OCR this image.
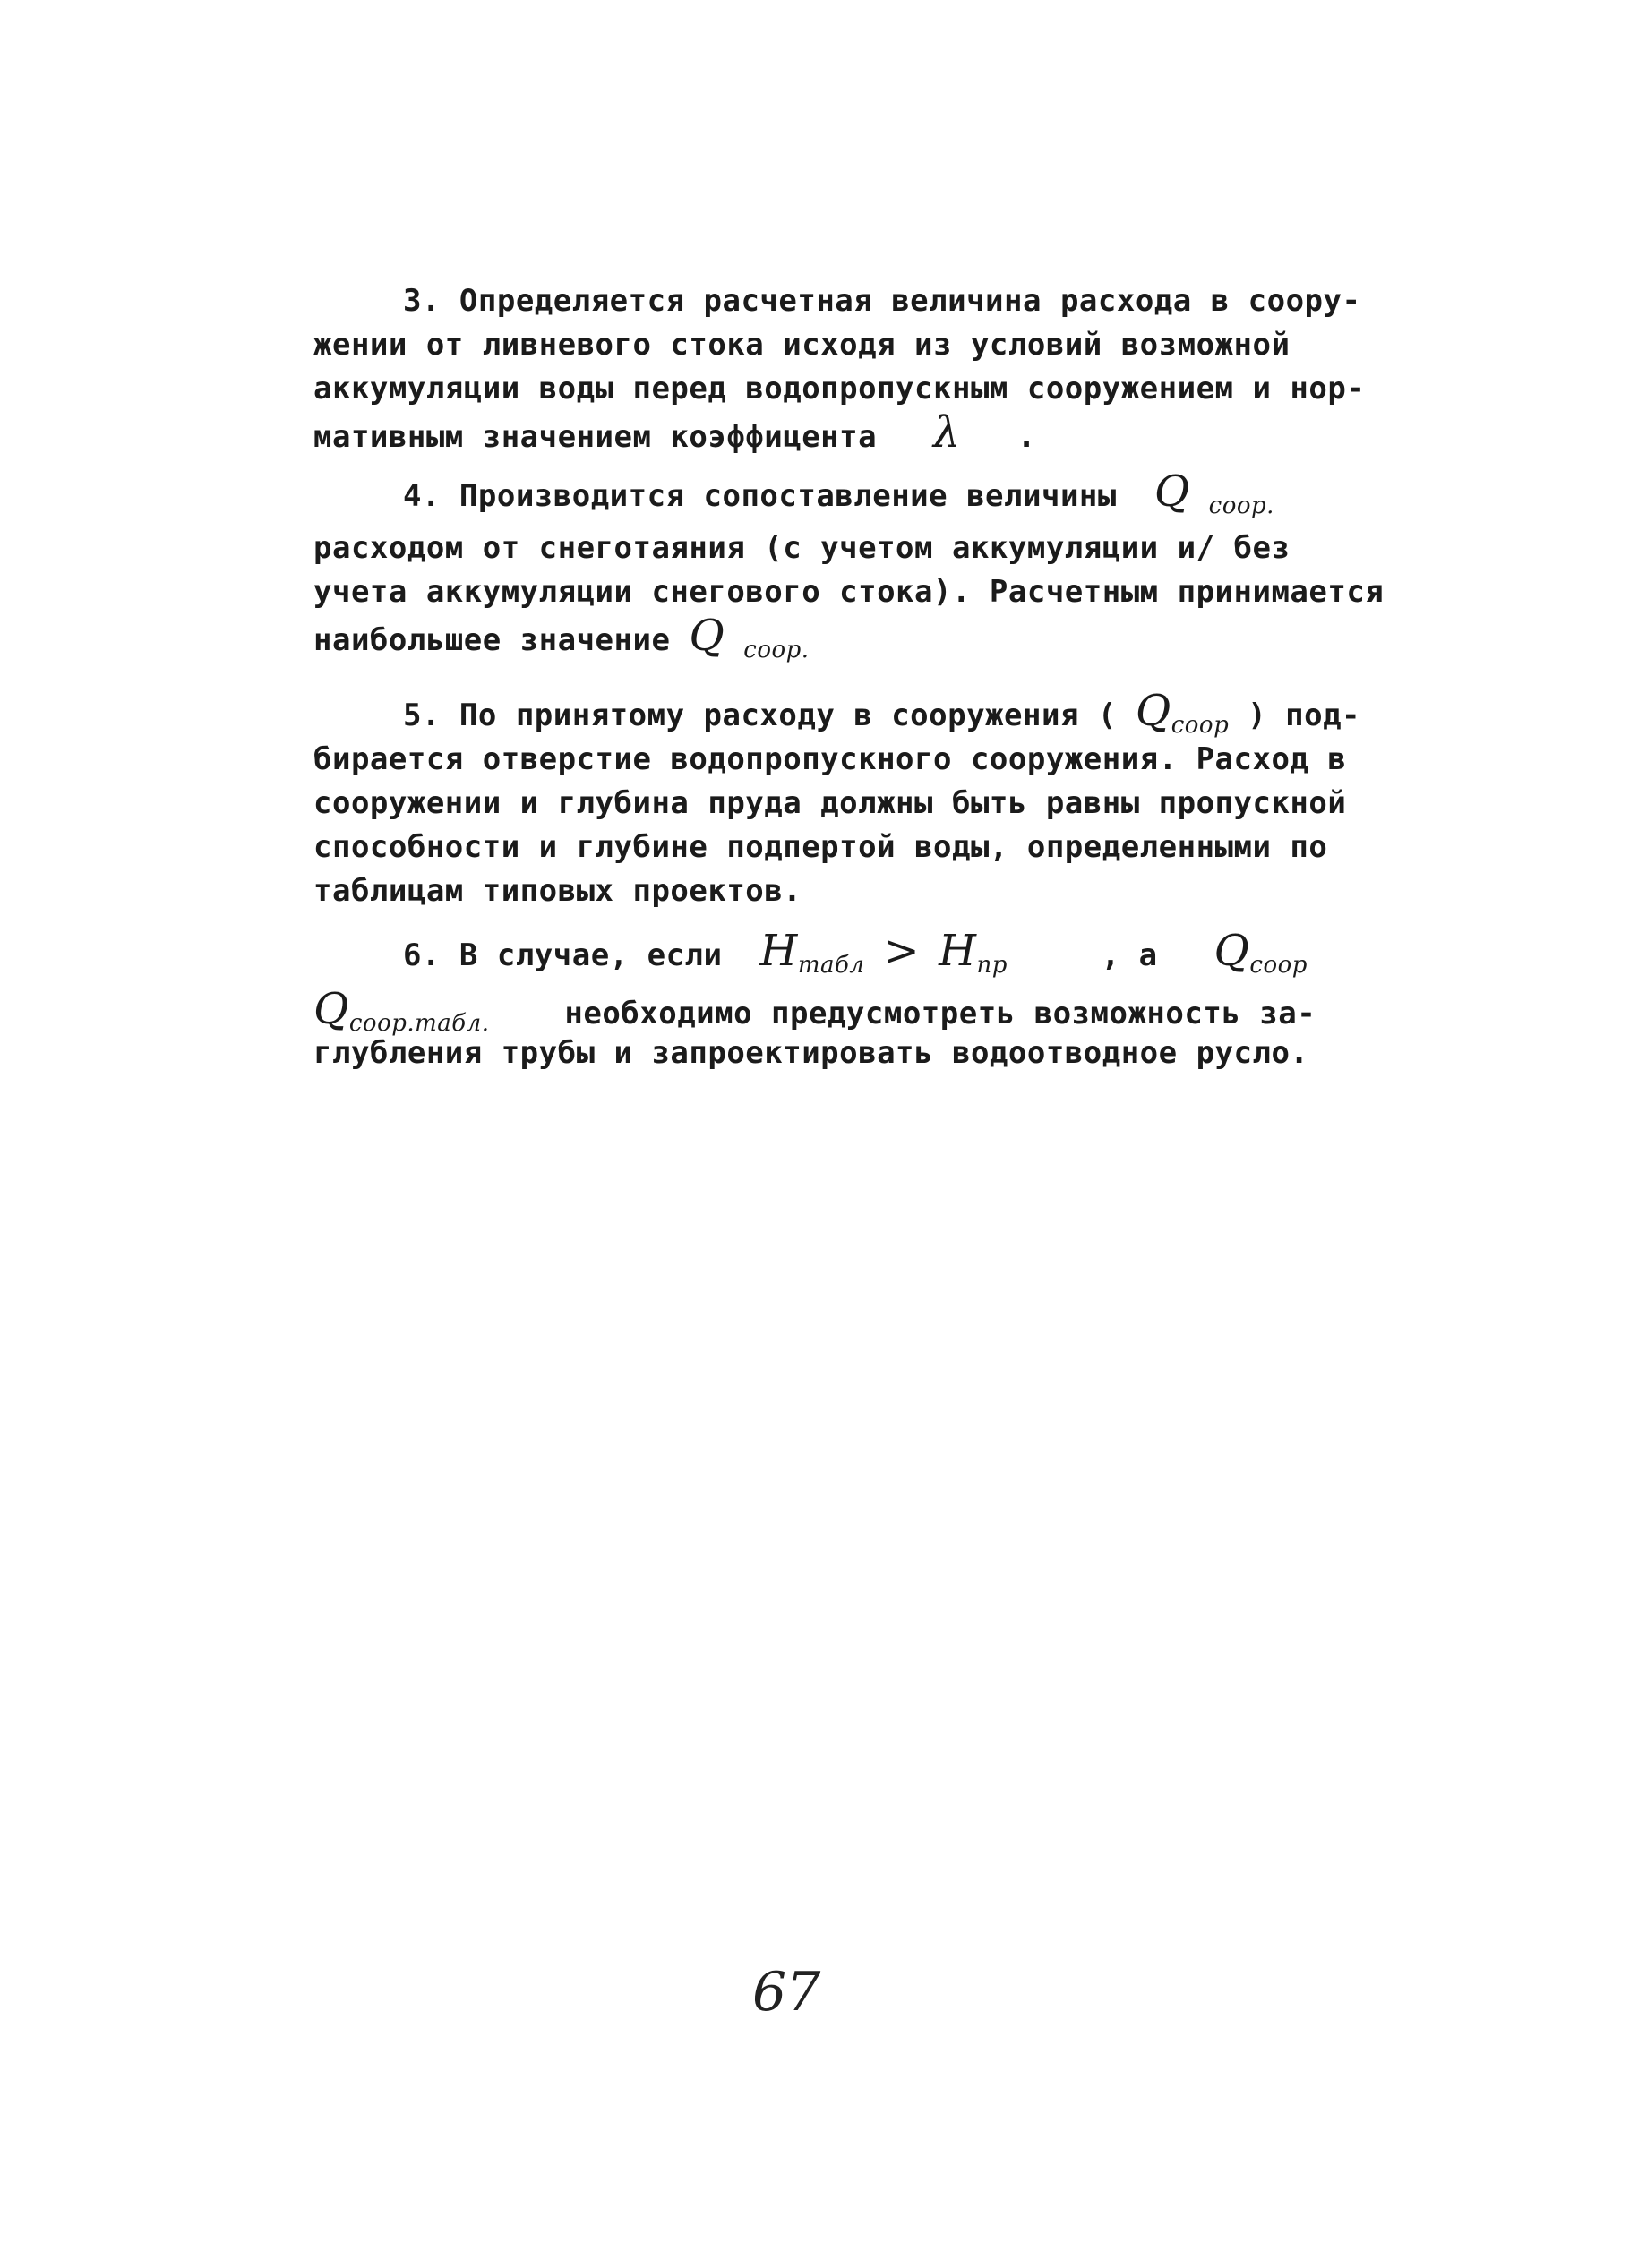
3. Определяется расчетная величина расхода в соору-
жении от ливневого стока исходя из условий возможной
аккумуляции воды перед водопропускным сооружением и нор-
мативным значением коэффицента λ .
4. Производится сопоставление величины Q $_{соор.}$
расходом от снеготаяния (с учетом аккумуляции и/ без
учета аккумуляции снегового стока). Расчетным принимается
наибольшее значение Q $_{соор.}$
5. По принятому расходу в сооружения ( $Q_{соор}$ ) под-
бирается отверстие водопропускного сооружения. Расход в
сооружении и глубина пруда должны быть равны пропускной
способности и глубине подпертой воды, определенными по
таблицам типовых проектов.
6. В случае, если $H_{табл} > H_{пр}$	, а $Q_{соор}$
$Q_{соор.табл.}$ необходимо предусмотреть возможность за-
глубления трубы и запроектировать водоотводное русло.
67
